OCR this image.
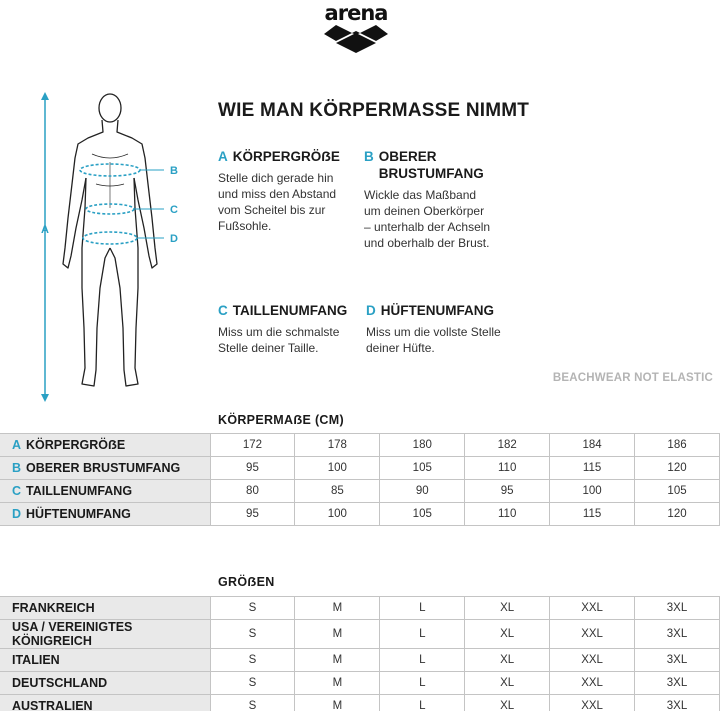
arena
B
C
D
A
WIE MAN KÖRPERMASSE NIMMT
A KÖRPERGRÖẞE
Stelle dich gerade hin
und miss den Abstand
vom Scheitel bis zur
Fußsohle.
B OBERER
BRUSTUMFANG
Wickle das Maßband
um deinen Oberkörper
– unterhalb der Achseln
und oberhalb der Brust.
C TAILLENUMFANG
Miss um die schmalste
Stelle deiner Taille.
D HÜFTENUMFANG
Miss um die vollste Stelle
deiner Hüfte.
BEACHWEAR NOT ELASTIC
KÖRPERMAẞE (CM)
A KÖRPERGRÖẞE	172	178	180	182	184	186
B OBERER BRUSTUMFANG	95	100	105	110	115	120
C TAILLENUMFANG	80	85	90	95	100	105
D HÜFTENUMFANG	95	100	105	110	115	120
GRÖẞEN
FRANKREICH	S	M	L	XL	XXL	3XL
USA / VEREINIGTES KÖNIGREICH	S	M	L	XL	XXL	3XL
ITALIEN	S	M	L	XL	XXL	3XL
DEUTSCHLAND	S	M	L	XL	XXL	3XL
AUSTRALIEN	S	M	L	XL	XXL	3XL
